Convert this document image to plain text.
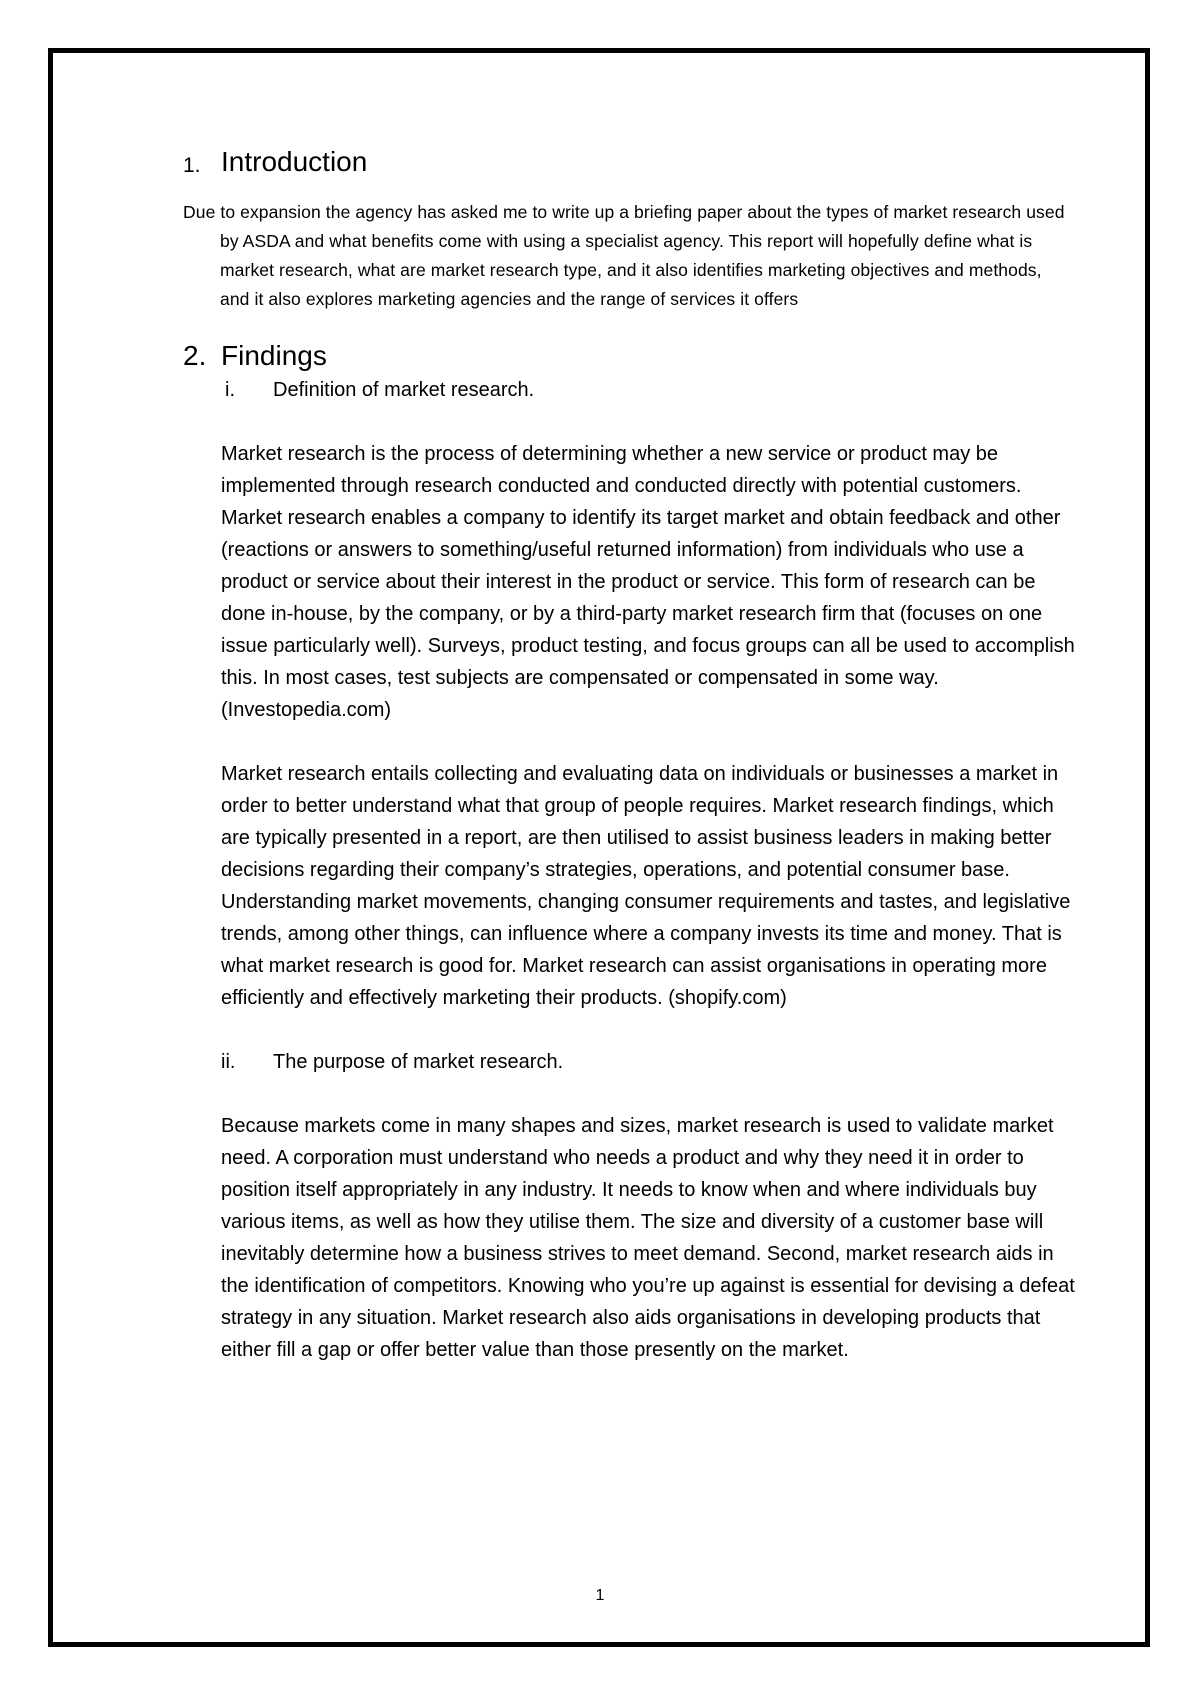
1. Introduction

Due to expansion the agency has asked me to write up a briefing paper about the types of market research used by ASDA and what benefits come with using a specialist agency. This report will hopefully define what is market research, what are market research type, and it also identifies marketing objectives and methods, and it also explores marketing agencies and the range of services it offers

2. Findings
i.	Definition of market research.

Market research is the process of determining whether a new service or product may be implemented through research conducted and conducted directly with potential customers. Market research enables a company to identify its target market and obtain feedback and other (reactions or answers to something/useful returned information) from individuals who use a product or service about their interest in the product or service. This form of research can be done in-house, by the company, or by a third-party market research firm that (focuses on one issue particularly well). Surveys, product testing, and focus groups can all be used to accomplish this. In most cases, test subjects are compensated or compensated in some way. (Investopedia.com)

Market research entails collecting and evaluating data on individuals or businesses a market in order to better understand what that group of people requires. Market research findings, which are typically presented in a report, are then utilised to assist business leaders in making better decisions regarding their company’s strategies, operations, and potential consumer base. Understanding market movements, changing consumer requirements and tastes, and legislative trends, among other things, can influence where a company invests its time and money. That is what market research is good for. Market research can assist organisations in operating more efficiently and effectively marketing their products. (shopify.com)

ii.	The purpose of market research.

Because markets come in many shapes and sizes, market research is used to validate market need. A corporation must understand who needs a product and why they need it in order to position itself appropriately in any industry. It needs to know when and where individuals buy various items, as well as how they utilise them. The size and diversity of a customer base will inevitably determine how a business strives to meet demand. Second, market research aids in the identification of competitors. Knowing who you’re up against is essential for devising a defeat strategy in any situation. Market research also aids organisations in developing products that either fill a gap or offer better value than those presently on the market.

1
